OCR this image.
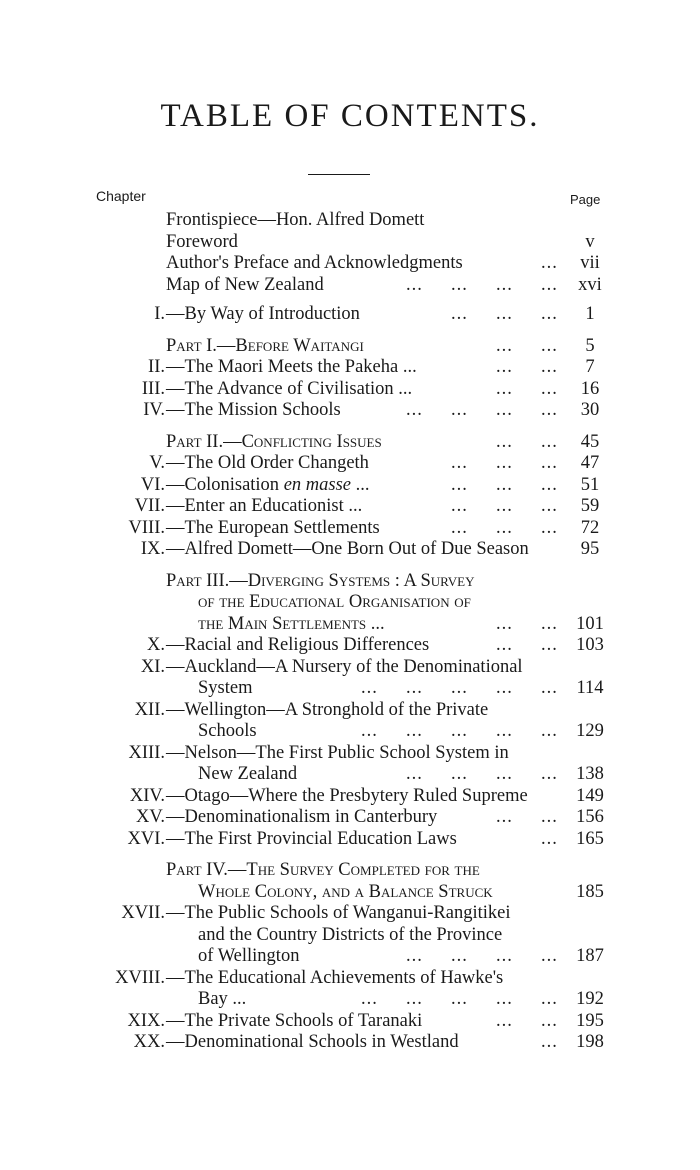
TABLE OF CONTENTS.
Chapter	Page
Frontispiece—Hon. Alfred Domett
Foreword	v
Author's Preface and Acknowledgments	...	vii
Map of New Zealand	...     ...     ...     ...	xvi
I. —By Way of Introduction	...     ...     ...	1
Part I.—Before Waitangi	...     ...	5
II. —The Maori Meets the Pakeha ...	...     ...	7
III. —The Advance of Civilisation ...	...     ...	16
IV. —The Mission Schools	...     ...     ...     ...	30
Part II.—Conflicting Issues	...     ...	45
V. —The Old Order Changeth	...     ...     ...	47
VI. —Colonisation en masse ...	...     ...     ...	51
VII. —Enter an Educationist ...	...     ...     ...	59
VIII. —The European Settlements	...     ...     ...	72
IX. —Alfred Domett—One Born Out of Due Season	95
Part III.—Diverging Systems : A Survey
of the Educational Organisation of
the Main Settlements ...	...     ... 101
X. —Racial and Religious Differences	...     ... 103
XI. —Auckland—A Nursery of the Denominational
System	...     ...     ...     ...     ...	114
XII. —Wellington—A Stronghold of the Private
Schools	...     ...     ...     ...     ... 129
XIII. —Nelson—The First Public School System in
New Zealand	...     ...     ...     ... 138
XIV. —Otago—Where the Presbytery Ruled Supreme	149
XV. —Denominationalism in Canterbury	...     ... 156
XVI. —The First Provincial Education Laws	... 165
Part IV.—The Survey Completed for the
Whole Colony, and a Balance Struck	185
XVII. —The Public Schools of Wanganui-Rangitikei
and the Country Districts of the Province
of Wellington	...     ...     ...     ... 187
XVIII. —The Educational Achievements of Hawke's
Bay ...	...     ...     ...     ...     ... 192
XIX. —The Private Schools of Taranaki	...     ... 195
XX. —Denominational Schools in Westland	... 198
